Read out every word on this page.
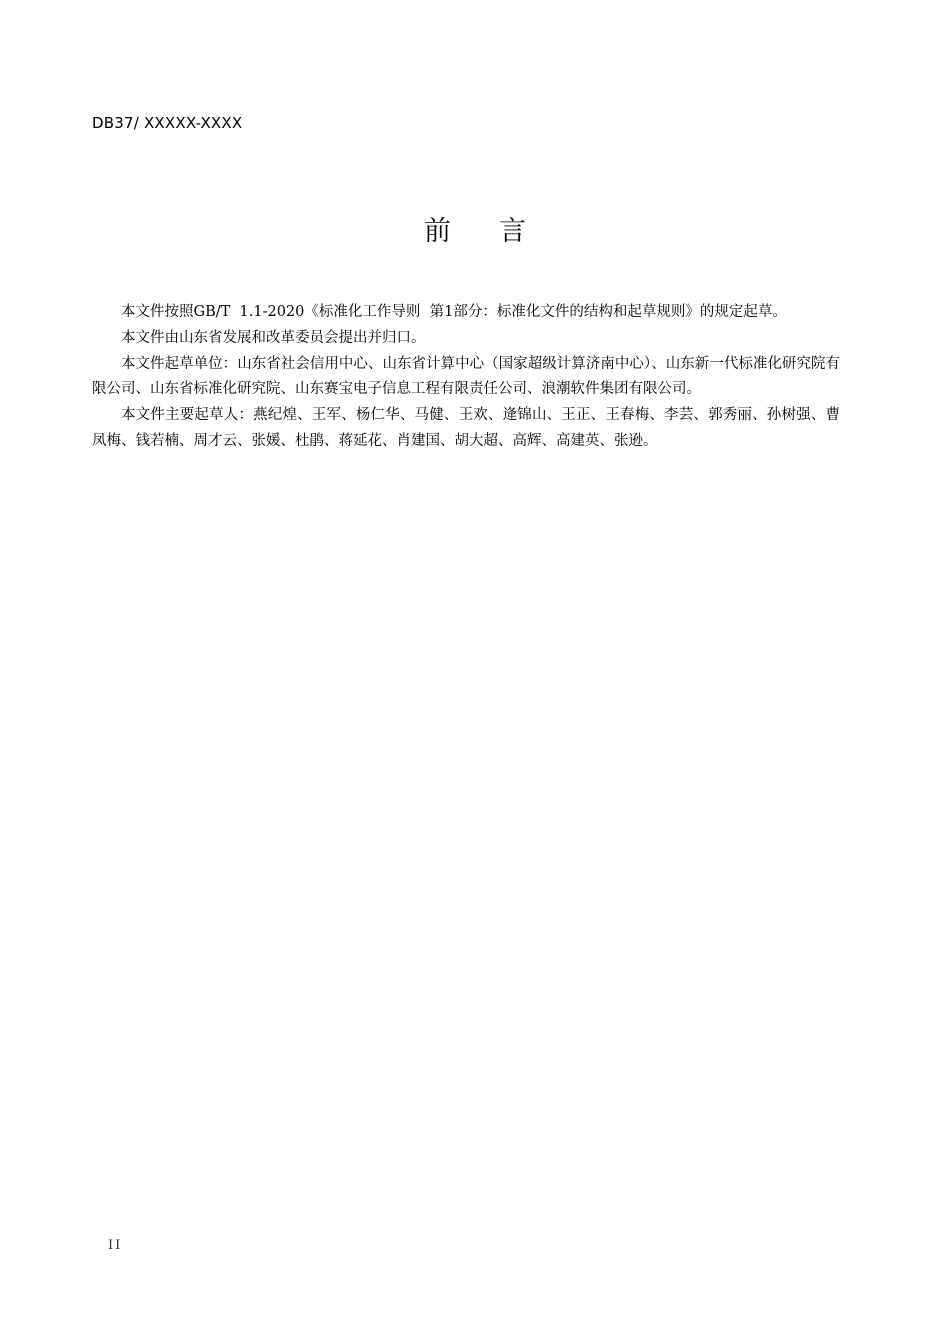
DB37/ XXXXX-XXXX
前言

本文件按照GB/T  1.1-2020《标准化工作导则  第1部分：标准化文件的结构和起草规则》的规定起草。

本文件由山东省发展和改革委员会提出并归口。

本文件起草单位：山东省社会信用中心、山东省计算中心（国家超级计算济南中心）、山东新一代标准化研究院有限公司、山东省标准化研究院、山东赛宝电子信息工程有限责任公司、浪潮软件集团有限公司。

本文件主要起草人：燕纪煌、王军、杨仁华、马健、王欢、逄锦山、王正、王春梅、李芸、郭秀丽、孙树强、曹凤梅、钱若楠、周才云、张媛、杜鹃、蒋延花、肖建国、胡大超、高辉、高建英、张逊。

II
